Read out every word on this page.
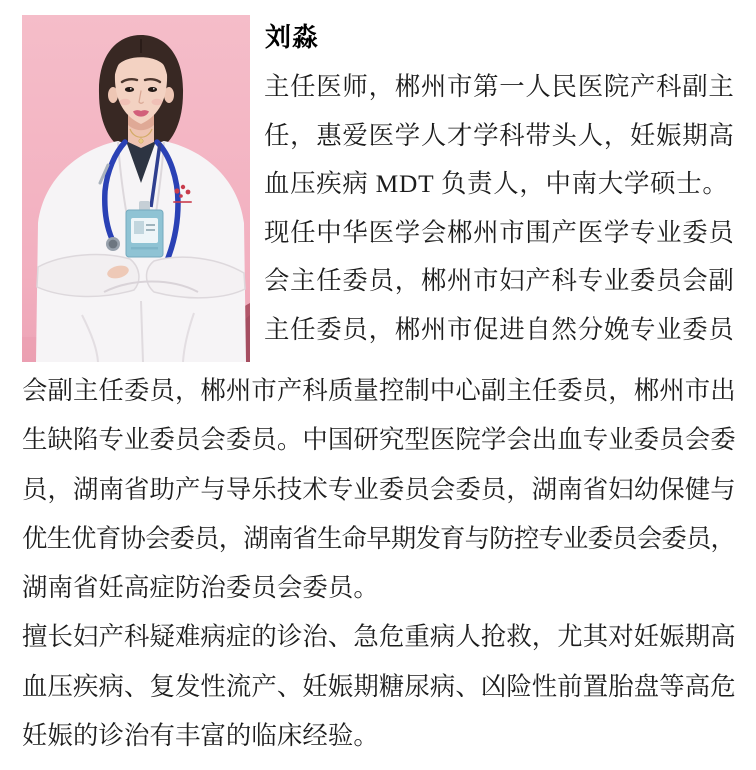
刘淼
主任医师，郴州市第一人民医院产科副主
任，惠爱医学人才学科带头人，妊娠期高
血压疾病 MDT 负责人，中南大学硕士。
现任中华医学会郴州市围产医学专业委员
会主任委员，郴州市妇产科专业委员会副
主任委员，郴州市促进自然分娩专业委员
会副主任委员，郴州市产科质量控制中心副主任委员，郴州市出
生缺陷专业委员会委员。中国研究型医院学会出血专业委员会委
员，湖南省助产与导乐技术专业委员会委员，湖南省妇幼保健与
优生优育协会委员，湖南省生命早期发育与防控专业委员会委员，
湖南省妊高症防治委员会委员。
擅长妇产科疑难病症的诊治、急危重病人抢救，尤其对妊娠期高
血压疾病、复发性流产、妊娠期糖尿病、凶险性前置胎盘等高危
妊娠的诊治有丰富的临床经验。
